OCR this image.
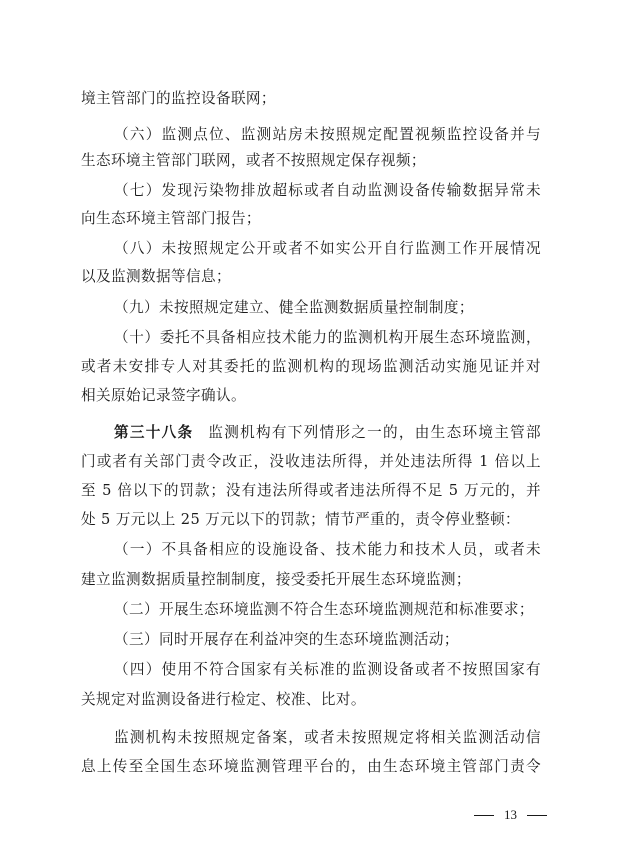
境主管部门的监控设备联网；
（六）监测点位、监测站房未按照规定配置视频监控设备并与
生态环境主管部门联网，或者不按照规定保存视频；
（七）发现污染物排放超标或者自动监测设备传输数据异常未
向生态环境主管部门报告；
（八）未按照规定公开或者不如实公开自行监测工作开展情况
以及监测数据等信息；
（九）未按照规定建立、健全监测数据质量控制制度；
（十）委托不具备相应技术能力的监测机构开展生态环境监测，
或者未安排专人对其委托的监测机构的现场监测活动实施见证并对
相关原始记录签字确认。
第三十八条 监测机构有下列情形之一的，由生态环境主管部
门或者有关部门责令改正，没收违法所得，并处违法所得 1 倍以上
至 5 倍以下的罚款；没有违法所得或者违法所得不足 5 万元的，并
处 5 万元以上 25 万元以下的罚款；情节严重的，责令停业整顿：
（一）不具备相应的设施设备、技术能力和技术人员，或者未
建立监测数据质量控制制度，接受委托开展生态环境监测；
（二）开展生态环境监测不符合生态环境监测规范和标准要求；
（三）同时开展存在利益冲突的生态环境监测活动；
（四）使用不符合国家有关标准的监测设备或者不按照国家有
关规定对监测设备进行检定、校准、比对。
监测机构未按照规定备案，或者未按照规定将相关监测活动信
息上传至全国生态环境监测管理平台的，由生态环境主管部门责令
13
